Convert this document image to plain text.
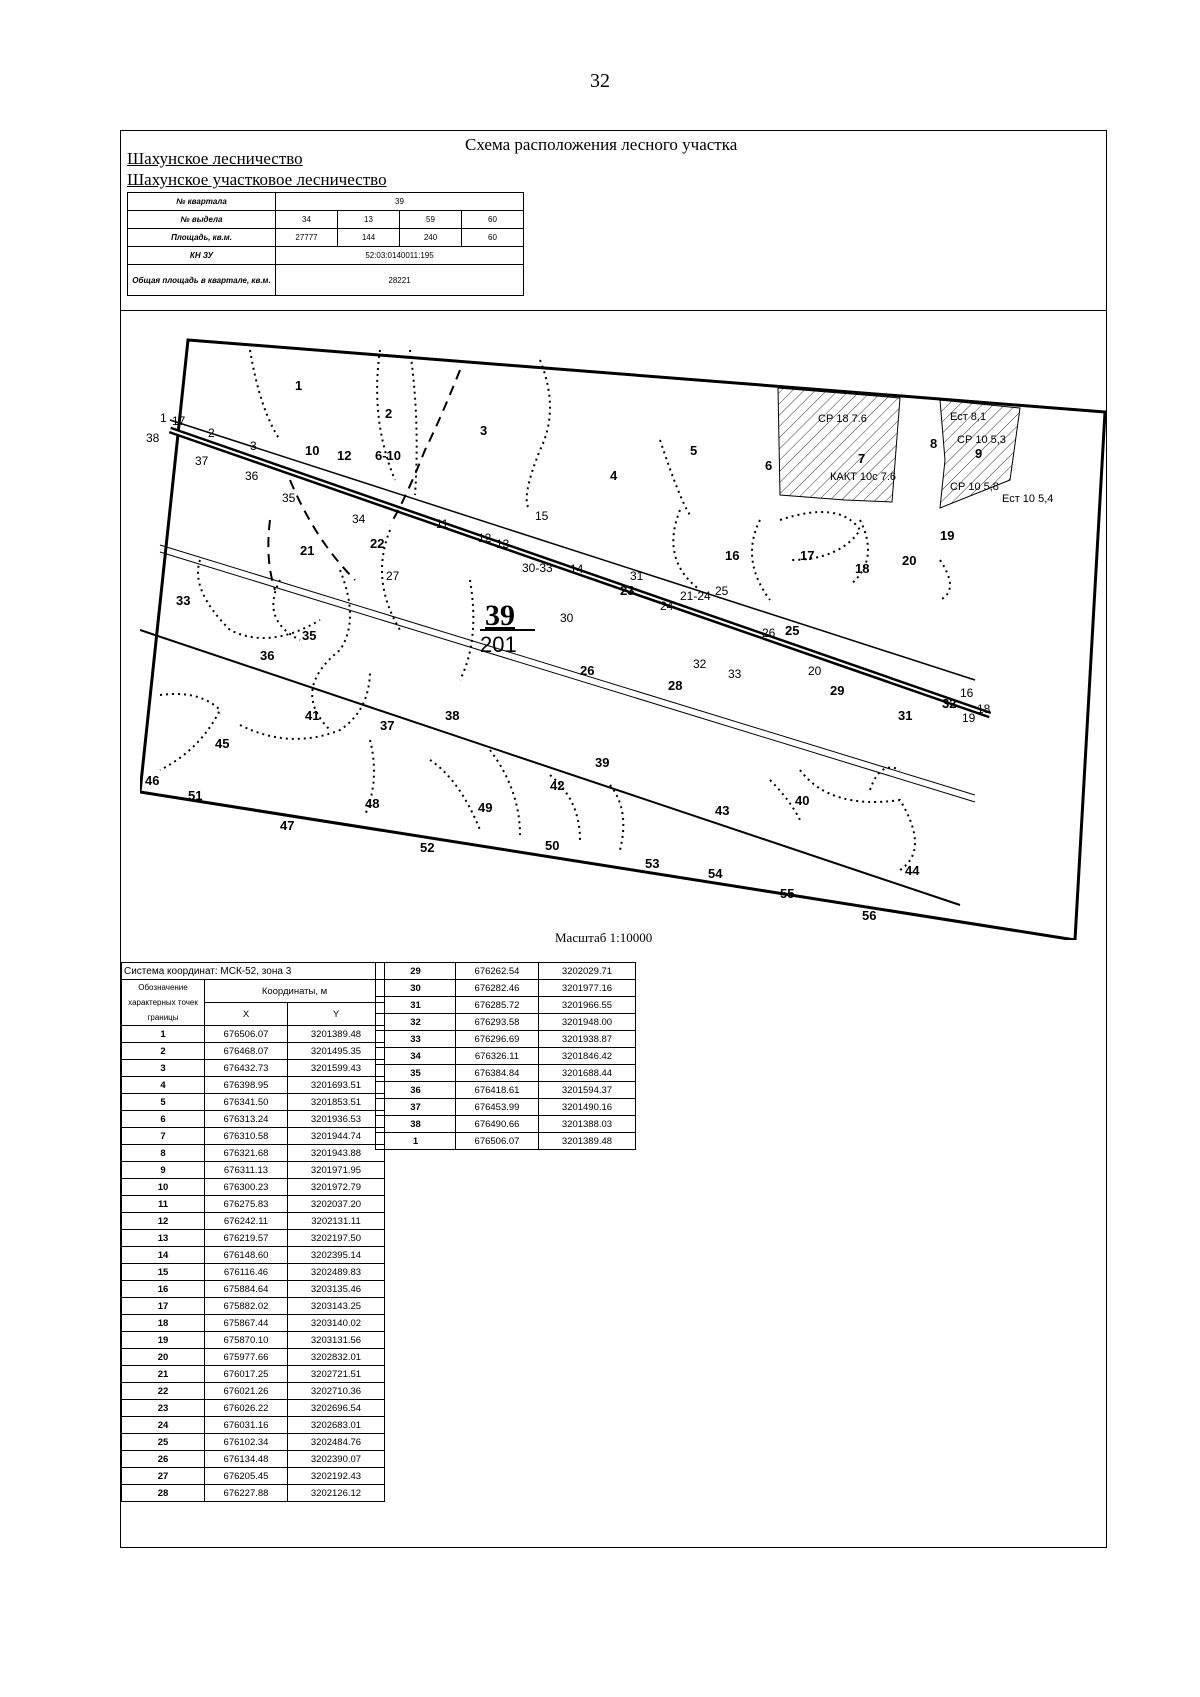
32
Шахунское лесничество
Шахунское участковое лесничество
Схема расположения лесного участка
№ квартала	39			
№ выдела	34	13	59	60
Площадь, кв.м.	27777	144	240	60
КН ЗУ	52:03:0140011:195			
Общая площадь в квартале, кв.м.	28221			
1
2
3
4
5
6	7
8
9
10 12 6-10
16	17
18
19
20
21	22
23
25
26
28	29
31
32
33
35
36
37
38
39
40
41
42
43
44
45
46
47
48	49
50
51
52
53
54
55
56
1 17
2
3
38
37
36
35
34	11
12 13
14
15
16
18
19
20
21-24
24
25
26
27
30-33
30
31
32
33
СР 18 7.6
КАКТ 10с 7.6
Ест 8,1
СР 10 5,3
СР 10 5,8
Ест 10 5,4
39
201
Масштаб 1:10000
Система координат: МСК-52, зона 3		
Обозначение характерных точек границы	Координаты, м	
	X	Y
1	676506.07	3201389.48
2	676468.07	3201495.35
3	676432.73	3201599.43
4	676398.95	3201693.51
5	676341.50	3201853.51
6	676313.24	3201936.53
7	676310.58	3201944.74
8	676321.68	3201943.88
9	676311.13	3201971.95
10	676300.23	3201972.79
11	676275.83	3202037.20
12	676242.11	3202131.11
13	676219.57	3202197.50
14	676148.60	3202395.14
15	676116.46	3202489.83
16	675884.64	3203135.46
17	675882.02	3203143.25
18	675867.44	3203140.02
19	675870.10	3203131.56
20	675977.66	3202832.01
21	676017.25	3202721.51
22	676021.26	3202710.36
23	676026.22	3202696.54
24	676031.16	3202683.01
25	676102.34	3202484.76
26	676134.48	3202390.07
27	676205.45	3202192.43
28	676227.88	3202126.12
29	676262.54	3202029.71
30	676282.46	3201977.16
31	676285.72	3201966.55
32	676293.58	3201948.00
33	676296.69	3201938.87
34	676326.11	3201846.42
35	676384.84	3201688.44
36	676418.61	3201594.37
37	676453.99	3201490.16
38	676490.66	3201388.03
1	676506.07	3201389.48
